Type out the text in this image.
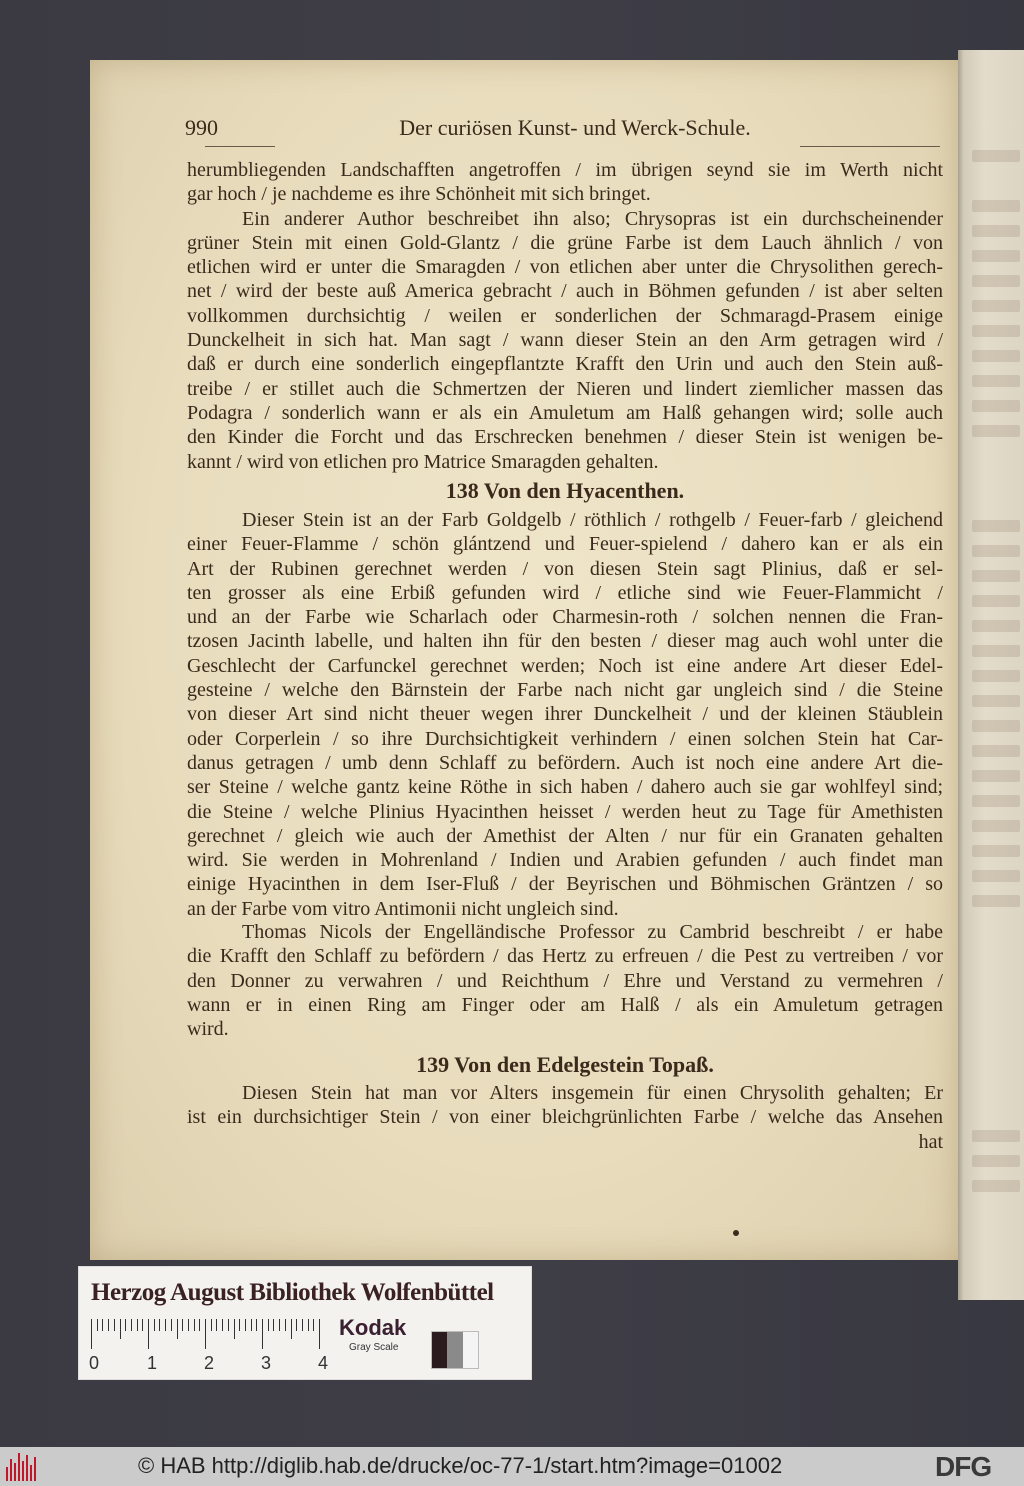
990	Der curiösen Kunst- und Werck-Schule.
herumbliegenden Landschafften angetroffen / im übrigen seynd sie im Werth nicht
gar hoch / je nachdeme es ihre Schönheit mit sich bringet.
Ein anderer Author beschreibet ihn also; Chrysopras ist ein durchscheinender
grüner Stein mit einen Gold-Glantz / die grüne Farbe ist dem Lauch ähnlich / von
etlichen wird er unter die Smaragden / von etlichen aber unter die Chrysolithen gerech-
net / wird der beste auß America gebracht / auch in Böhmen gefunden / ist aber selten
vollkommen durchsichtig / weilen er sonderlichen der Schmaragd-Prasem einige
Dunckelheit in sich hat. Man sagt / wann dieser Stein an den Arm getragen wird /
daß er durch eine sonderlich eingepflantzte Krafft den Urin und auch den Stein auß-
treibe / er stillet auch die Schmertzen der Nieren und lindert ziemlicher massen das
Podagra / sonderlich wann er als ein Amuletum am Halß gehangen wird; solle auch
den Kinder die Forcht und das Erschrecken benehmen / dieser Stein ist wenigen be-
kannt / wird von etlichen pro Matrice Smaragden gehalten.
138 Von den Hyacenthen.
Dieser Stein ist an der Farb Goldgelb / röthlich / rothgelb / Feuer-farb / gleichend
einer Feuer-Flamme / schön glántzend und Feuer-spielend / dahero kan er als ein
Art der Rubinen gerechnet werden / von diesen Stein sagt Plinius, daß er sel-
ten grosser als eine Erbiß gefunden wird / etliche sind wie Feuer-Flammicht /
und an der Farbe wie Scharlach oder Charmesin-roth / solchen nennen die Fran-
tzosen Jacinth labelle, und halten ihn für den besten / dieser mag auch wohl unter die
Geschlecht der Carfunckel gerechnet werden; Noch ist eine andere Art dieser Edel-
gesteine / welche den Bärnstein der Farbe nach nicht gar ungleich sind / die Steine
von dieser Art sind nicht theuer wegen ihrer Dunckelheit / und der kleinen Stäublein
oder Corperlein / so ihre Durchsichtigkeit verhindern / einen solchen Stein hat Car-
danus getragen / umb denn Schlaff zu befördern. Auch ist noch eine andere Art die-
ser Steine / welche gantz keine Röthe in sich haben / dahero auch sie gar wohlfeyl sind;
die Steine / welche Plinius Hyacinthen heisset / werden heut zu Tage für Amethisten
gerechnet / gleich wie auch der Amethist der Alten / nur für ein Granaten gehalten
wird. Sie werden in Mohrenland / Indien und Arabien gefunden / auch findet man
einige Hyacinthen in dem Iser-Fluß / der Beyrischen und Böhmischen Gräntzen / so
an der Farbe vom vitro Antimonii nicht ungleich sind.
Thomas Nicols der Engelländische Professor zu Cambrid beschreibt / er habe
die Krafft den Schlaff zu befördern / das Hertz zu erfreuen / die Pest zu vertreiben / vor
den Donner zu verwahren / und Reichthum / Ehre und Verstand zu vermehren /
wann er in einen Ring am Finger oder am Halß / als ein Amuletum getragen
wird.
139 Von den Edelgestein Topaß.
Diesen Stein hat man vor Alters insgemein für einen Chrysolith gehalten; Er
ist ein durchsichtiger Stein / von einer bleichgrünlichten Farbe / welche das Ansehen
hat
Herzog August Bibliothek Wolfenbüttel
0	1	2	3	4
Kodak
Gray Scale
© HAB http://diglib.hab.de/drucke/oc-77-1/start.htm?image=01002	DFG
